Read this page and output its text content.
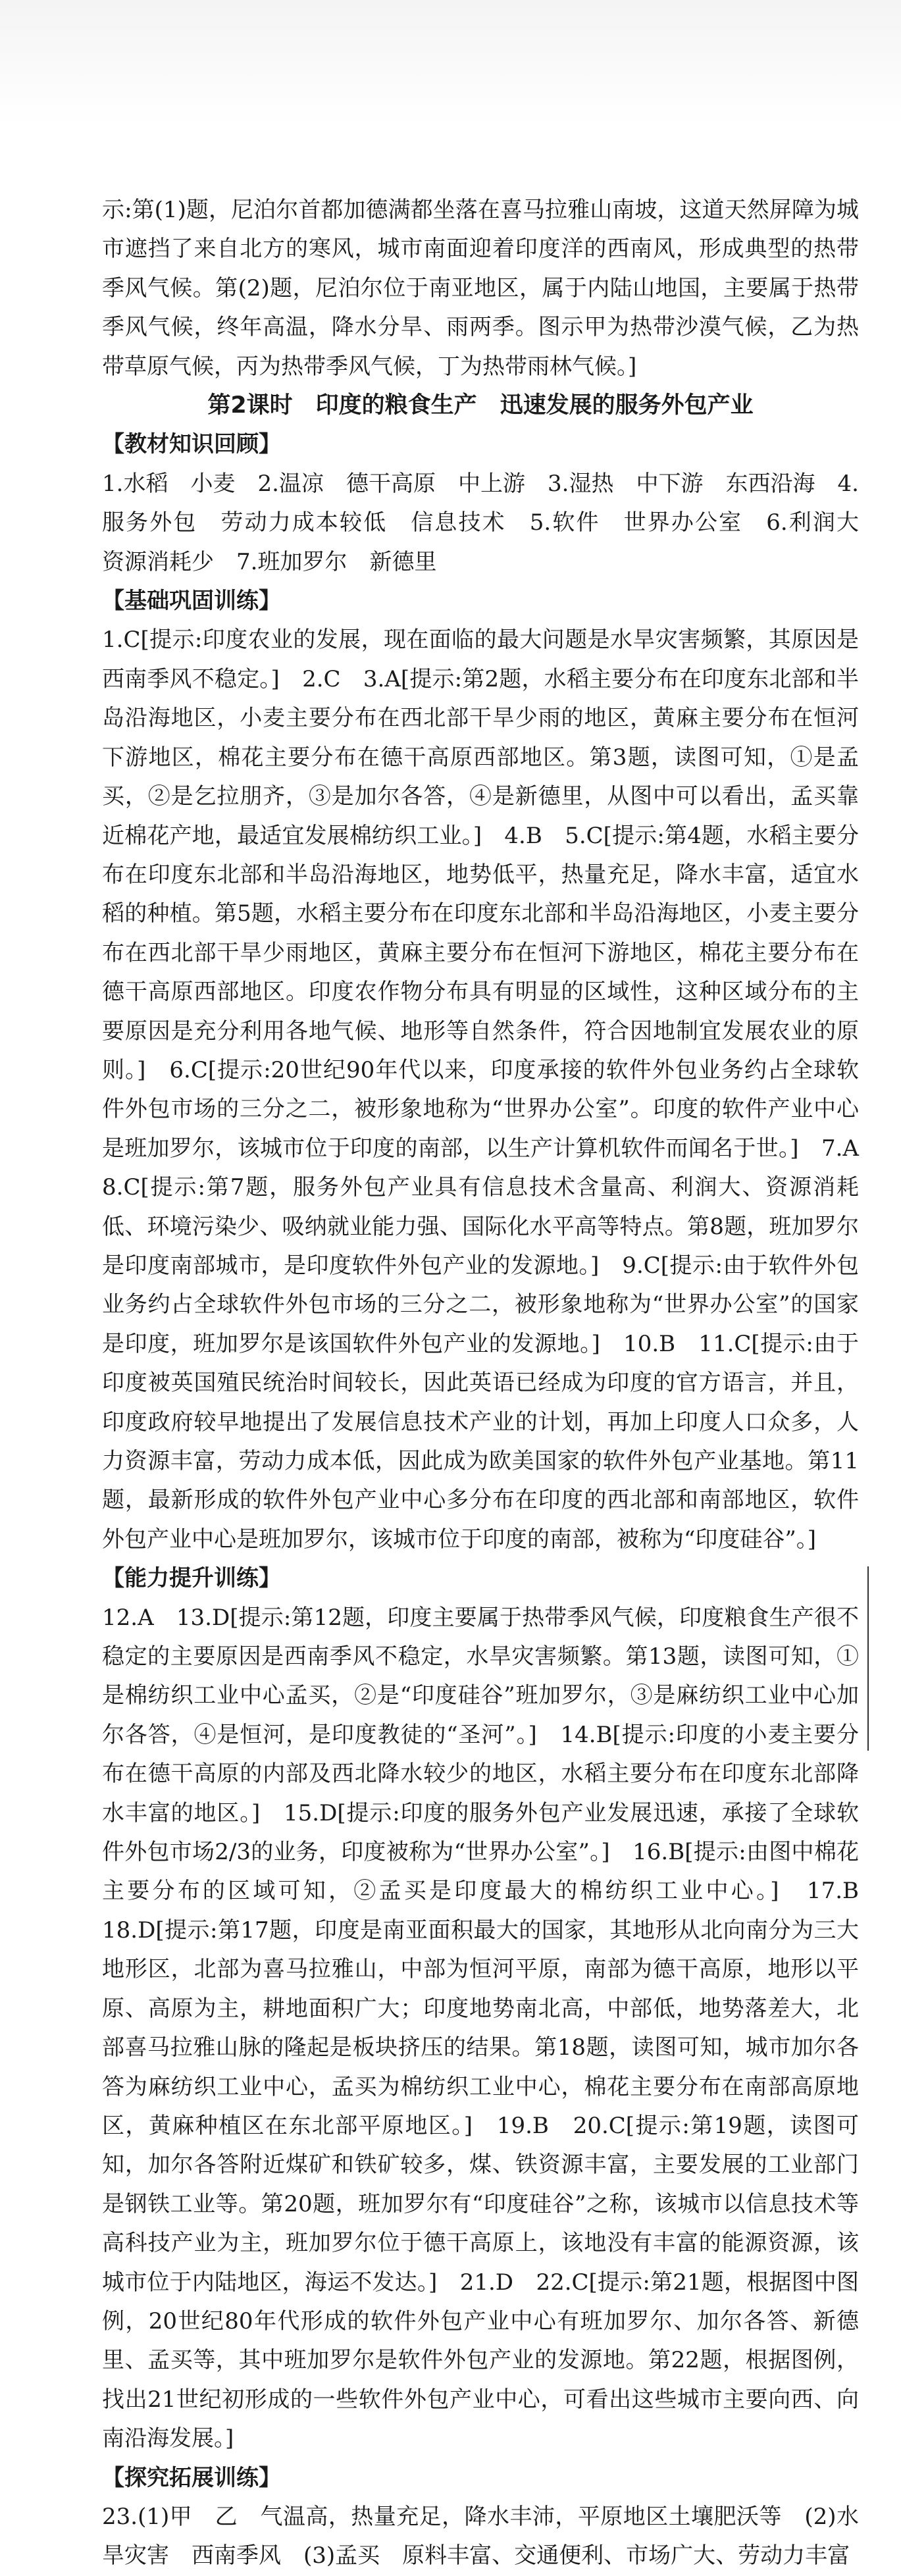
示:第(1)题，尼泊尔首都加德满都坐落在喜马拉雅山南坡，这道天然屏障为城市遮挡了来自北方的寒风，城市南面迎着印度洋的西南风，形成典型的热带季风气候。第(2)题，尼泊尔位于南亚地区，属于内陆山地国，主要属于热带季风气候，终年高温，降水分旱、雨两季。图示甲为热带沙漠气候，乙为热带草原气候，丙为热带季风气候，丁为热带雨林气候。]

第2课时　印度的粮食生产　迅速发展的服务外包产业

【教材知识回顾】

1.水稻　小麦　2.温凉　德干高原　中上游　3.湿热　中下游　东西沿海　4.服务外包　劳动力成本较低　信息技术　5.软件　世界办公室　6.利润大　资源消耗少　7.班加罗尔　新德里

【基础巩固训练】

1.C[提示:印度农业的发展，现在面临的最大问题是水旱灾害频繁，其原因是西南季风不稳定。]　2.C　3.A[提示:第2题，水稻主要分布在印度东北部和半岛沿海地区，小麦主要分布在西北部干旱少雨的地区，黄麻主要分布在恒河下游地区，棉花主要分布在德干高原西部地区。第3题，读图可知，①是孟买，②是乞拉朋齐，③是加尔各答，④是新德里，从图中可以看出，孟买靠近棉花产地，最适宜发展棉纺织工业。]　4.B　5.C[提示:第4题，水稻主要分布在印度东北部和半岛沿海地区，地势低平，热量充足，降水丰富，适宜水稻的种植。第5题，水稻主要分布在印度东北部和半岛沿海地区，小麦主要分布在西北部干旱少雨地区，黄麻主要分布在恒河下游地区，棉花主要分布在德干高原西部地区。印度农作物分布具有明显的区域性，这种区域分布的主要原因是充分利用各地气候、地形等自然条件，符合因地制宜发展农业的原则。]　6.C[提示:20世纪90年代以来，印度承接的软件外包业务约占全球软件外包市场的三分之二，被形象地称为“世界办公室”。印度的软件产业中心是班加罗尔，该城市位于印度的南部，以生产计算机软件而闻名于世。]　7.A　8.C[提示:第7题，服务外包产业具有信息技术含量高、利润大、资源消耗低、环境污染少、吸纳就业能力强、国际化水平高等特点。第8题，班加罗尔是印度南部城市，是印度软件外包产业的发源地。]　9.C[提示:由于软件外包业务约占全球软件外包市场的三分之二，被形象地称为“世界办公室”的国家是印度，班加罗尔是该国软件外包产业的发源地。]　10.B　11.C[提示:由于印度被英国殖民统治时间较长，因此英语已经成为印度的官方语言，并且，印度政府较早地提出了发展信息技术产业的计划，再加上印度人口众多，人力资源丰富，劳动力成本低，因此成为欧美国家的软件外包产业基地。第11题，最新形成的软件外包产业中心多分布在印度的西北部和南部地区，软件外包产业中心是班加罗尔，该城市位于印度的南部，被称为“印度硅谷”。]

【能力提升训练】

12.A　13.D[提示:第12题，印度主要属于热带季风气候，印度粮食生产很不稳定的主要原因是西南季风不稳定，水旱灾害频繁。第13题，读图可知，①是棉纺织工业中心孟买，②是“印度硅谷”班加罗尔，③是麻纺织工业中心加尔各答，④是恒河，是印度教徒的“圣河”。]　14.B[提示:印度的小麦主要分布在德干高原的内部及西北降水较少的地区，水稻主要分布在印度东北部降水丰富的地区。]　15.D[提示:印度的服务外包产业发展迅速，承接了全球软件外包市场2/3的业务，印度被称为“世界办公室”。]　16.B[提示:由图中棉花主要分布的区域可知，②孟买是印度最大的棉纺织工业中心。]　17.B　18.D[提示:第17题，印度是南亚面积最大的国家，其地形从北向南分为三大地形区，北部为喜马拉雅山，中部为恒河平原，南部为德干高原，地形以平原、高原为主，耕地面积广大；印度地势南北高，中部低，地势落差大，北部喜马拉雅山脉的隆起是板块挤压的结果。第18题，读图可知，城市加尔各答为麻纺织工业中心，孟买为棉纺织工业中心，棉花主要分布在南部高原地区，黄麻种植区在东北部平原地区。]　19.B　20.C[提示:第19题，读图可知，加尔各答附近煤矿和铁矿较多，煤、铁资源丰富，主要发展的工业部门是钢铁工业等。第20题，班加罗尔有“印度硅谷”之称，该城市以信息技术等高科技产业为主，班加罗尔位于德干高原上，该地没有丰富的能源资源，该城市位于内陆地区，海运不发达。]　21.D　22.C[提示:第21题，根据图中图例，20世纪80年代形成的软件外包产业中心有班加罗尔、加尔各答、新德里、孟买等，其中班加罗尔是软件外包产业的发源地。第22题，根据图例，找出21世纪初形成的一些软件外包产业中心，可看出这些城市主要向西、向南沿海发展。]

【探究拓展训练】

23.(1)甲　乙　气温高，热量充足，降水丰沛，平原地区土壤肥沃等　(2)水旱灾害　西南季风　(3)孟买　原料丰富、交通便利、市场广大、劳动力丰富
